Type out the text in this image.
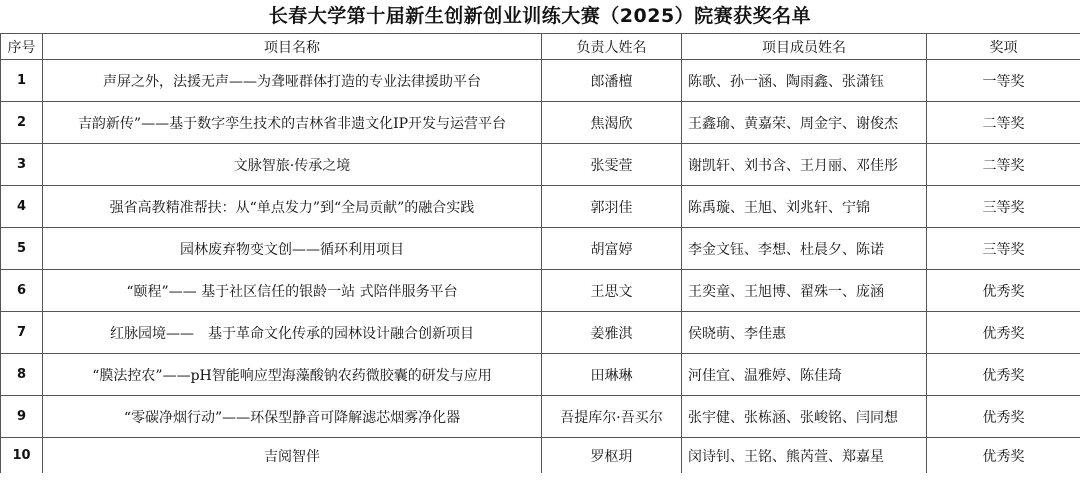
长春大学第十届新生创新创业训练大赛（2025）院赛获奖名单
序号	项目名称	负责人姓名	项目成员姓名	奖项
1	声屏之外，法援无声——为聋哑群体打造的专业法律援助平台	郎潘檀	陈歌、孙一涵、陶雨鑫、张潇钰	一等奖
2	吉韵新传”——基于数字孪生技术的吉林省非遗文化IP开发与运营平台	焦渴欣	王鑫瑜、黄嘉荣、周金宇、谢俊杰	二等奖
3	文脉智旅·传承之境	张雯萱	谢凯轩、刘书含、王月丽、邓佳彤	二等奖
4	强省高教精准帮扶：从“单点发力”到“全局贡献”的融合实践	郭羽佳	陈禹璇、王旭、刘兆轩、宁锦	三等奖
5	园林废弃物变文创——循环利用项目	胡富婷	李金文钰、李想、杜晨夕、陈诺	三等奖
6	“颐程”—— 基于社区信任的银龄一站 式陪伴服务平台	王思文	王奕童、王旭博、翟殊一、庞涵	优秀奖
7	红脉园境——　基于革命文化传承的园林设计融合创新项目	姜雅淇	侯晓萌、李佳惠	优秀奖
8	“膜法控农”——pH智能响应型海藻酸钠农药微胶囊的研发与应用	田琳琳	河佳宜、温雅婷、陈佳琦	优秀奖
9	“零碳净烟行动”——环保型静音可降解滤芯烟雾净化器	吾提库尔·吾买尔	张宇健、张栋涵、张峻铭、闫同想	优秀奖
10	吉阅智伴	罗枢玥	闵诗钊、王铭、熊芮萱、郑嘉星	优秀奖
